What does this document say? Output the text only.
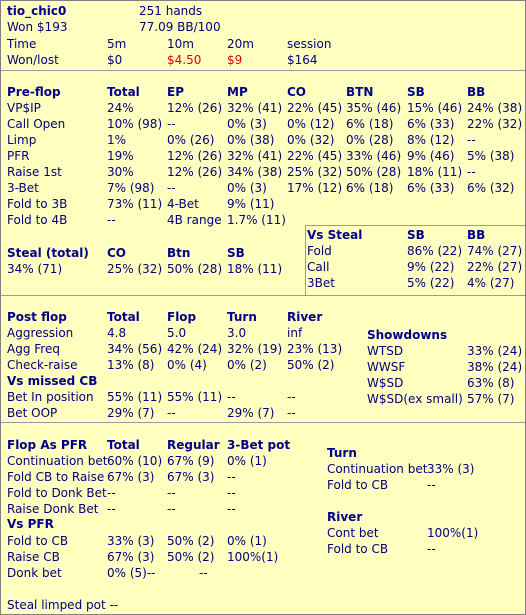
tio_chic0	251 hands
Won $193	77.09 BB/100
Time	5m	10m	20m	session
Won/lost	$0	$4.50 $9	$164
Pre-flop	Total EP	MP	CO	BTN	SB	BB
VP$IP	24%	12% (26) 32% (41) 22% (45) 35% (46) 15% (46) 24% (38)
Call Open	10% (98) --	0% (3) 0% (12) 6% (18) 6% (33) 22% (32)
Limp	1%	0% (26) 0% (38) 0% (32) 0% (28) 8% (12) --
PFR	19%	12% (26) 32% (41) 22% (45) 33% (46) 9% (46) 5% (38)
Raise 1st	30%	12% (26) 34% (38) 25% (32) 50% (28) 18% (11) --
3-Bet	7% (98) --	0% (3) 17% (12) 6% (18) 6% (33) 6% (32)
Fold to 3B	73% (11) 4-Bet 9% (11)
Fold to 4B	--	4B range 1.7% (11)
Vs Steal	SB	BB
Fold	86% (22) 74% (27)
Call	9% (22) 22% (27)
3Bet	5% (22) 4% (27)
Steal (total) CO	Btn	SB
34% (71)	25% (32) 50% (28) 18% (11)
Post flop	Total Flop	Turn	River
Aggression	4.8	5.0	3.0	inf
Agg Freq	34% (56) 42% (24) 32% (19) 23% (13)
Check-raise 13% (8) 0% (4) 0% (2) 50% (2)
Vs missed CB
Bet In position 55% (11) 55% (11) --	--
Bet OOP	29% (7) --	29% (7) --
Showdowns
WTSD	33% (24)
WWSF	38% (24)
W$SD	63% (8)
W$SD(ex small) 57% (7)
Flop As PFR Total Regular 3-Bet pot
Continuation bet 60% (10) 67% (9) 0% (1)
Fold CB to Raise 67% (3) 67% (3) --
Fold to Donk Bet --	--	--
Raise Donk Bet --	--	--
Vs PFR
Fold to CB	33% (3) 50% (2) 0% (1)
Raise CB	67% (3) 50% (2) 100%(1)
Donk bet	0% (5)--	--
Steal limped pot --
Turn
Continuation bet 33% (3)
Fold to CB	--
River
Cont bet	100%(1)
Fold to CB	--
